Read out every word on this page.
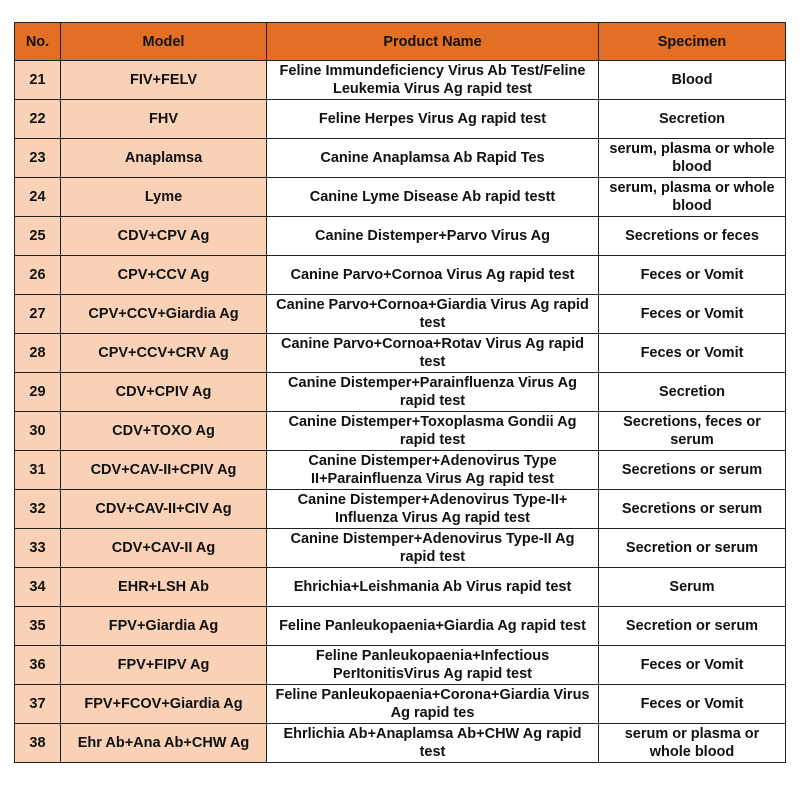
No.	Model	Product Name	Specimen
21	FIV+FELV	Feline Immundeficiency Virus Ab Test/Feline Leukemia Virus Ag rapid test	Blood
22	FHV	Feline Herpes Virus Ag rapid test	Secretion
23	Anaplamsa	Canine Anaplamsa Ab Rapid Tes	serum, plasma or whole blood
24	Lyme	Canine Lyme Disease Ab rapid testt	serum, plasma or whole blood
25	CDV+CPV Ag	Canine Distemper+Parvo Virus Ag	Secretions or feces
26	CPV+CCV Ag	Canine Parvo+Cornoa Virus Ag rapid test	Feces or Vomit
27	CPV+CCV+Giardia Ag	Canine Parvo+Cornoa+Giardia Virus Ag rapid test	Feces or Vomit
28	CPV+CCV+CRV Ag	Canine Parvo+Cornoa+Rotav Virus Ag rapid test	Feces or Vomit
29	CDV+CPIV Ag	Canine Distemper+Parainfluenza Virus Ag rapid test	Secretion
30	CDV+TOXO Ag	Canine Distemper+Toxoplasma Gondii Ag rapid test	Secretions, feces or serum
31	CDV+CAV-II+CPIV Ag	Canine Distemper+Adenovirus Type II+Parainfluenza Virus Ag rapid test	Secretions or serum
32	CDV+CAV-II+CIV Ag	Canine Distemper+Adenovirus Type-II+ Influenza Virus Ag rapid test	Secretions or serum
33	CDV+CAV-II Ag	Canine Distemper+Adenovirus Type-II Ag rapid test	Secretion or serum
34	EHR+LSH Ab	Ehrichia+Leishmania Ab Virus rapid test	Serum
35	FPV+Giardia Ag	Feline Panleukopaenia+Giardia Ag rapid test	Secretion or serum
36	FPV+FIPV Ag	Feline Panleukopaenia+Infectious PerItonitisVirus Ag rapid test	Feces or Vomit
37	FPV+FCOV+Giardia Ag	Feline Panleukopaenia+Corona+Giardia Virus Ag rapid tes	Feces or Vomit
38	Ehr Ab+Ana Ab+CHW Ag	Ehrlichia Ab+Anaplamsa Ab+CHW Ag rapid test	serum or plasma or whole blood
